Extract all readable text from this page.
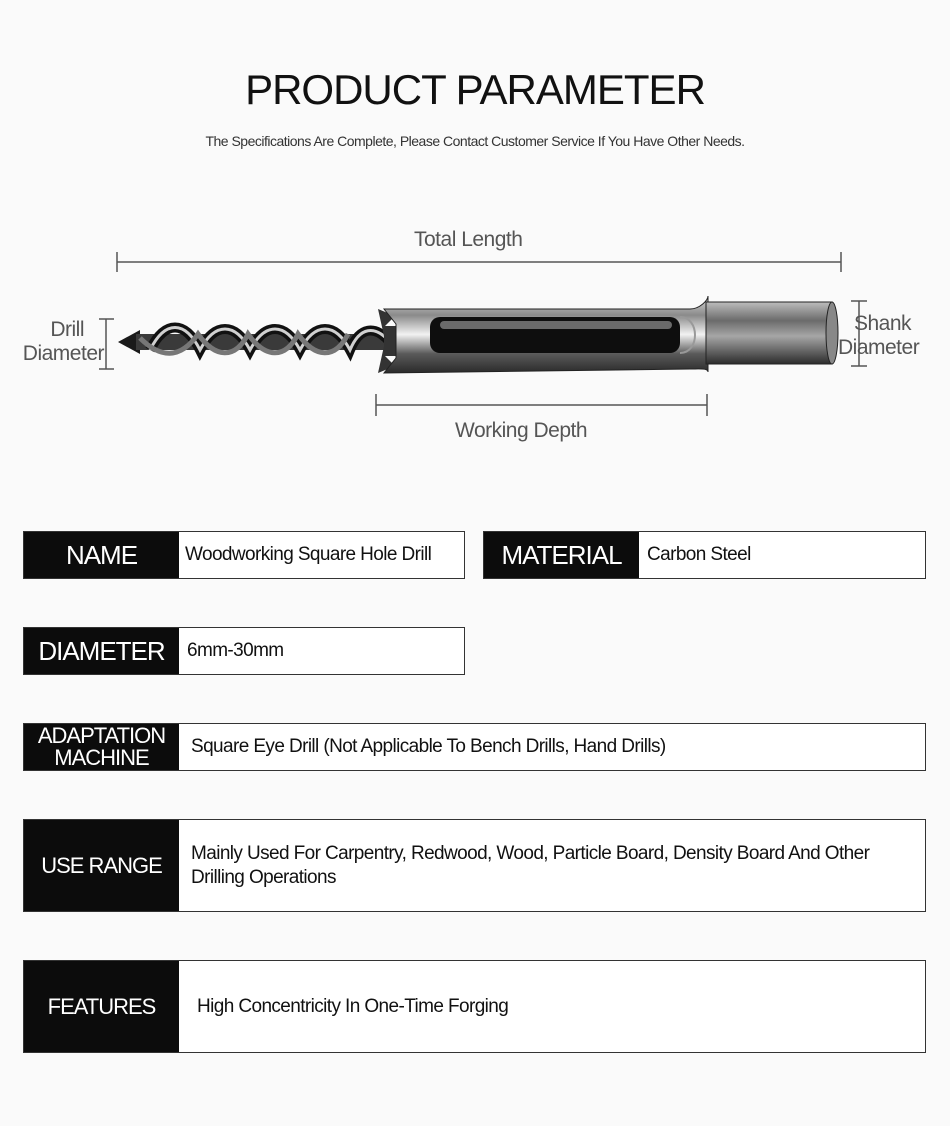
PRODUCT PARAMETER
The Specifications Are Complete, Please Contact Customer Service If You Have Other Needs.
Total Length
Drill
Diameter
Shank
Diameter
Working Depth
NAME	Woodworking Square Hole Drill	MATERIAL	Carbon Steel
DIAMETER	6mm-30mm
ADAPTATION
MACHINE	Square Eye Drill (Not Applicable To Bench Drills, Hand Drills)
USE RANGE	Mainly Used For Carpentry, Redwood, Wood, Particle Board, Density Board And Other Drilling Operations
FEATURES	High Concentricity In One-Time Forging
